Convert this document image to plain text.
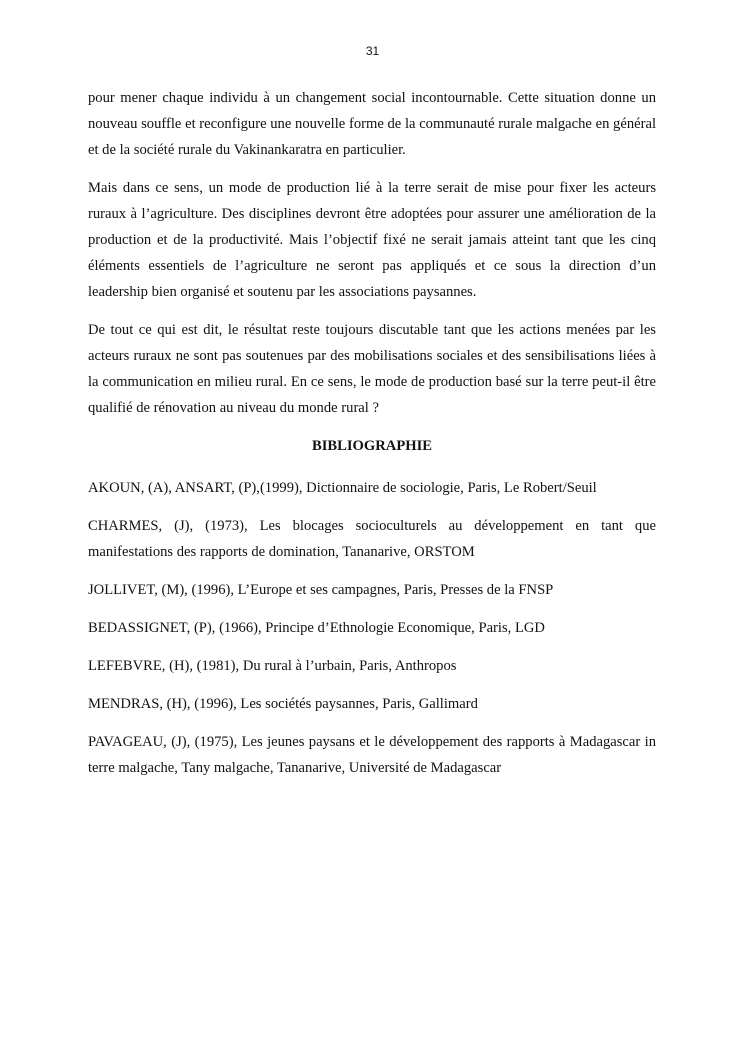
31

pour mener chaque individu à un changement social incontournable. Cette situation donne un nouveau souffle et reconfigure une nouvelle forme de la communauté rurale malgache en général et de la société rurale du Vakinankaratra en particulier.

Mais dans ce sens, un mode de production lié à la terre serait de mise pour fixer les acteurs ruraux à l’agriculture. Des disciplines devront être adoptées pour assurer une amélioration de la production et de la productivité. Mais l’objectif fixé ne serait jamais atteint tant que les cinq éléments essentiels de l’agriculture ne seront pas appliqués et ce sous la direction d’un leadership bien organisé et soutenu par les associations paysannes.

De tout ce qui est dit, le résultat reste toujours discutable tant que les actions menées par les acteurs ruraux ne sont pas soutenues par des mobilisations sociales et des sensibilisations liées à la communication en milieu rural. En ce sens, le mode de production basé sur la terre peut-il être qualifié de rénovation au niveau du monde rural ?

BIBLIOGRAPHIE

AKOUN, (A), ANSART, (P),(1999), Dictionnaire de sociologie, Paris, Le Robert/Seuil

CHARMES, (J), (1973), Les blocages socioculturels au développement en tant que manifestations des rapports de domination, Tananarive, ORSTOM

JOLLIVET, (M), (1996), L’Europe et ses campagnes, Paris, Presses de la FNSP

BEDASSIGNET, (P), (1966), Principe d’Ethnologie Economique, Paris, LGD

LEFEBVRE, (H), (1981), Du rural à l’urbain, Paris, Anthropos

MENDRAS, (H), (1996), Les sociétés paysannes, Paris, Gallimard

PAVAGEAU, (J), (1975), Les jeunes paysans et le développement des rapports à Madagascar in terre malgache, Tany malgache, Tananarive, Université de Madagascar
